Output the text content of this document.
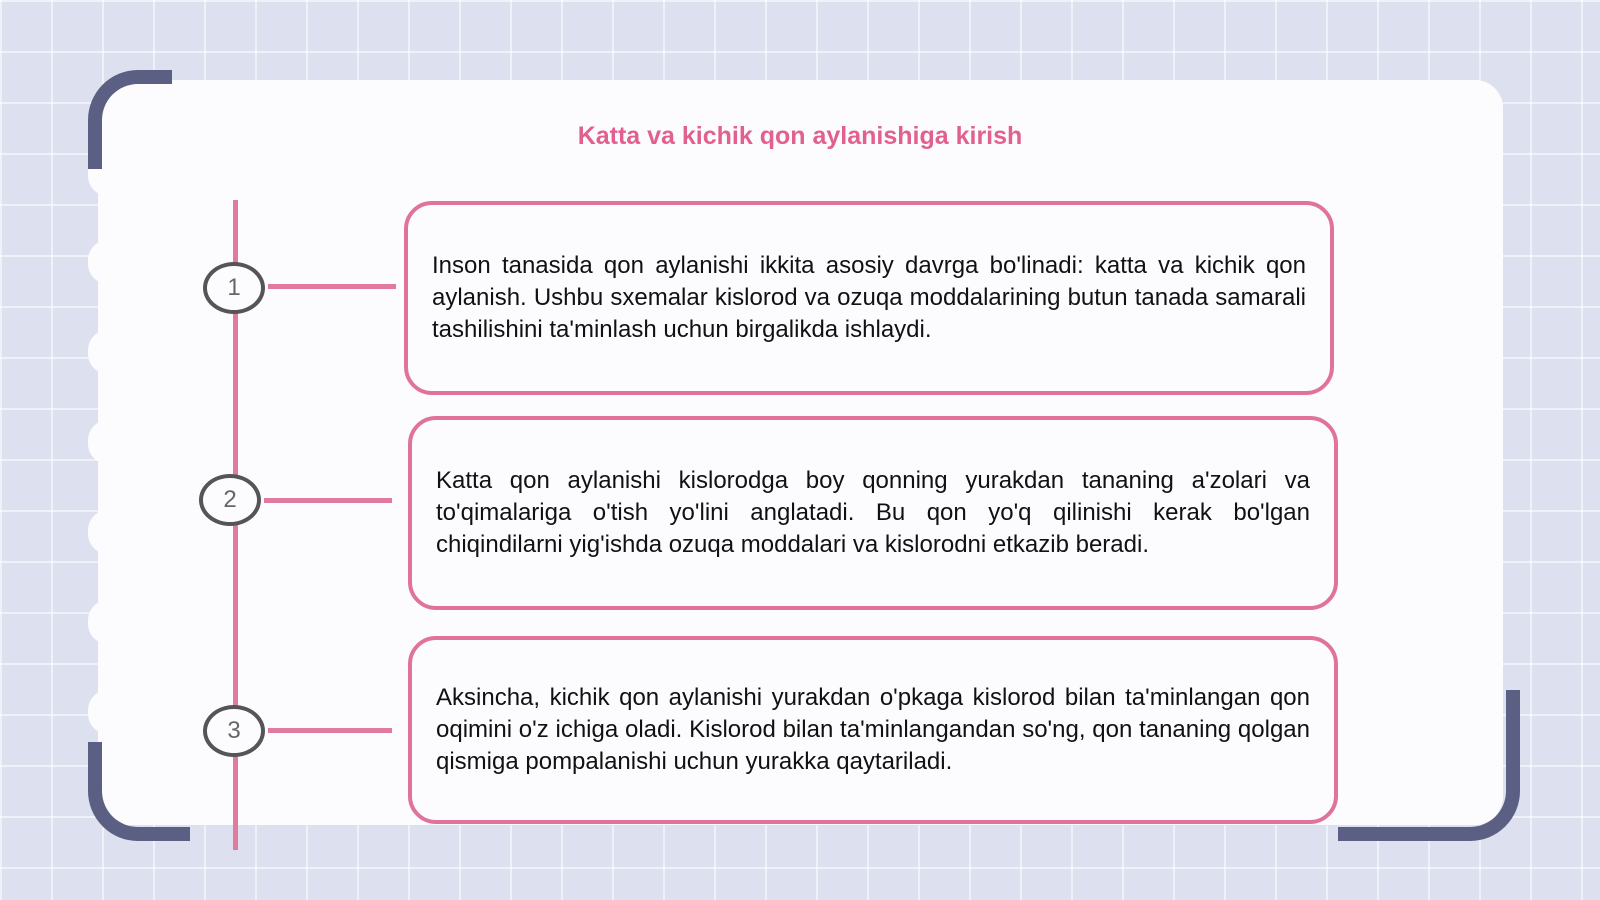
Katta va kichik qon aylanishiga kirish
1
2
3

Inson tanasida qon aylanishi ikkita asosiy davrga bo'linadi: katta va kichik qon aylanish. Ushbu sxemalar kislorod va ozuqa moddalarining butun tanada samarali tashilishini ta'minlash uchun birgalikda ishlaydi.

Katta qon aylanishi kislorodga boy qonning yurakdan tananing a'zolari va to'qimalariga o'tish yo'lini anglatadi. Bu qon yo'q qilinishi kerak bo'lgan chiqindilarni yig'ishda ozuqa moddalari va kislorodni etkazib beradi.

Aksincha, kichik qon aylanishi yurakdan o'pkaga kislorod bilan ta'minlangan qon oqimini o'z ichiga oladi. Kislorod bilan ta'minlangandan so'ng, qon tananing qolgan qismiga pompalanishi uchun yurakka qaytariladi.
